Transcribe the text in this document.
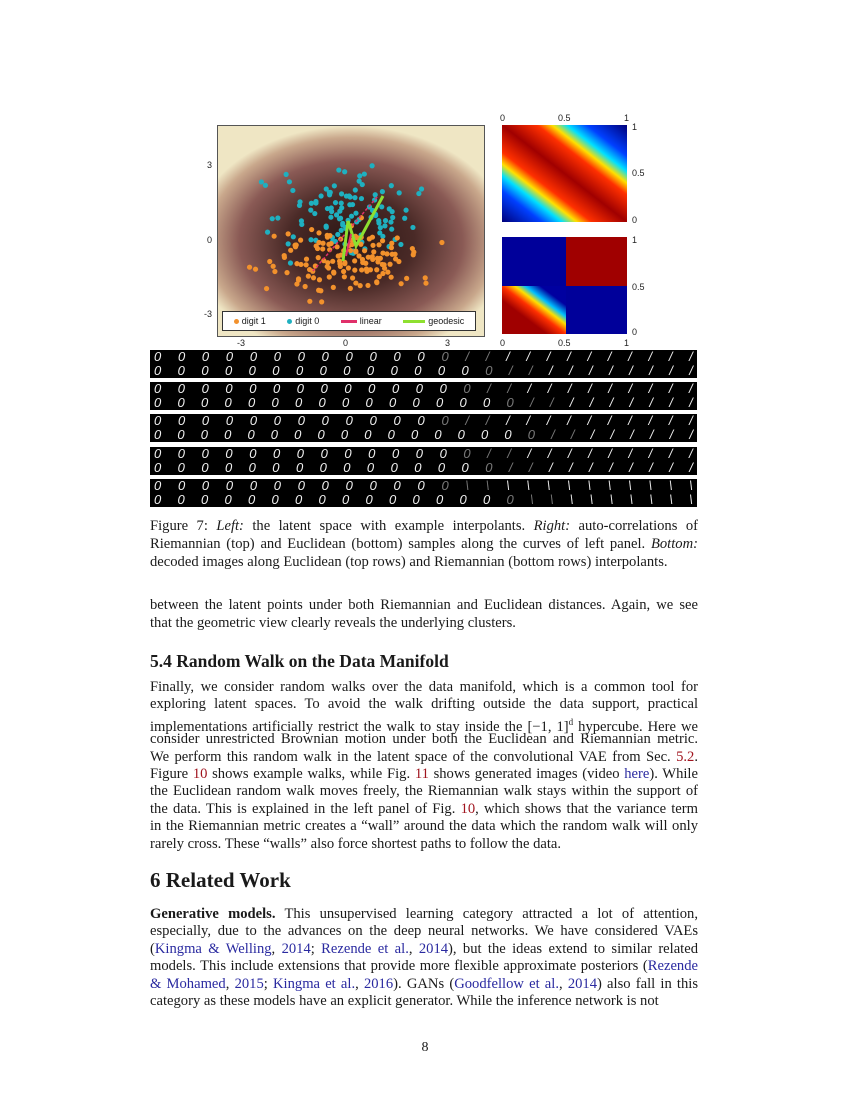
digit 1	digit 0	linear	geodesic
-3	0	3
3
0
-3
0	0.5	1
1
0.5
0
1
0.5
0
0	0.5	1
0 0 0 0 0 0 0 0 0 0 0 0 0 / / / / / / / / / / / /
0 0 0 0 0 0 0 0 0 0 0 0 0 0 0 / / / / / / / / / /
0 0 0 0 0 0 0 0 0 0 0 0 0 0 / / / / / / / / / / /
0 0 0 0 0 0 0 0 0 0 0 0 0 0 0 0 / / / / / / / / /
0 0 0 0 0 0 0 0 0 0 0 0 0 / / / / / / / / / / / /
0 0 0 0 0 0 0 0 0 0 0 0 0 0 0 0 0 / / / / / / / /
0 0 0 0 0 0 0 0 0 0 0 0 0 0 / / / / / / / / / / /
0 0 0 0 0 0 0 0 0 0 0 0 0 0 0 / / / / / / / / / /
0 0 0 0 0 0 0 0 0 0 0 0 0 \ \ \ \ \ \ \ \ \ \ \ \
0 0 0 0 0 0 0 0 0 0 0 0 0 0 0 0 \ \ \ \ \ \ \ \ \
Figure 7: Left: the latent space with example interpolants. Right: auto-correlations of
Riemannian (top) and Euclidean (bottom) samples along the curves of left panel. Bottom:
decoded images along Euclidean (top rows) and Riemannian (bottom rows) interpolants.
between the latent points under both Riemannian and Euclidean distances. Again, we see
that the geometric view clearly reveals the underlying clusters.
5.4 Random Walk on the Data Manifold
Finally, we consider random walks over the data manifold, which is a common tool for
exploring latent spaces. To avoid the walk drifting outside the data support, practical
implementations artificially restrict the walk to stay inside the [−1, 1]$^d$ hypercube. Here we
consider unrestricted Brownian motion under both the Euclidean and Riemannian metric.
We perform this random walk in the latent space of the convolutional VAE from Sec. 5.2.
Figure 10 shows example walks, while Fig. 11 shows generated images (video here). While
the Euclidean random walk moves freely, the Riemannian walk stays within the support of
the data. This is explained in the left panel of Fig. 10, which shows that the variance term
in the Riemannian metric creates a “wall” around the data which the random walk will only
rarely cross. These “walls” also force shortest paths to follow the data.
6 Related Work
Generative models. This unsupervised learning category attracted a lot of attention,
especially, due to the advances on the deep neural networks. We have considered VAEs
(Kingma & Welling, 2014; Rezende et al., 2014), but the ideas extend to similar related
models. This include extensions that provide more flexible approximate posteriors (Rezende
& Mohamed, 2015; Kingma et al., 2016). GANs (Goodfellow et al., 2014) also fall in this
category as these models have an explicit generator. While the inference network is not
8
